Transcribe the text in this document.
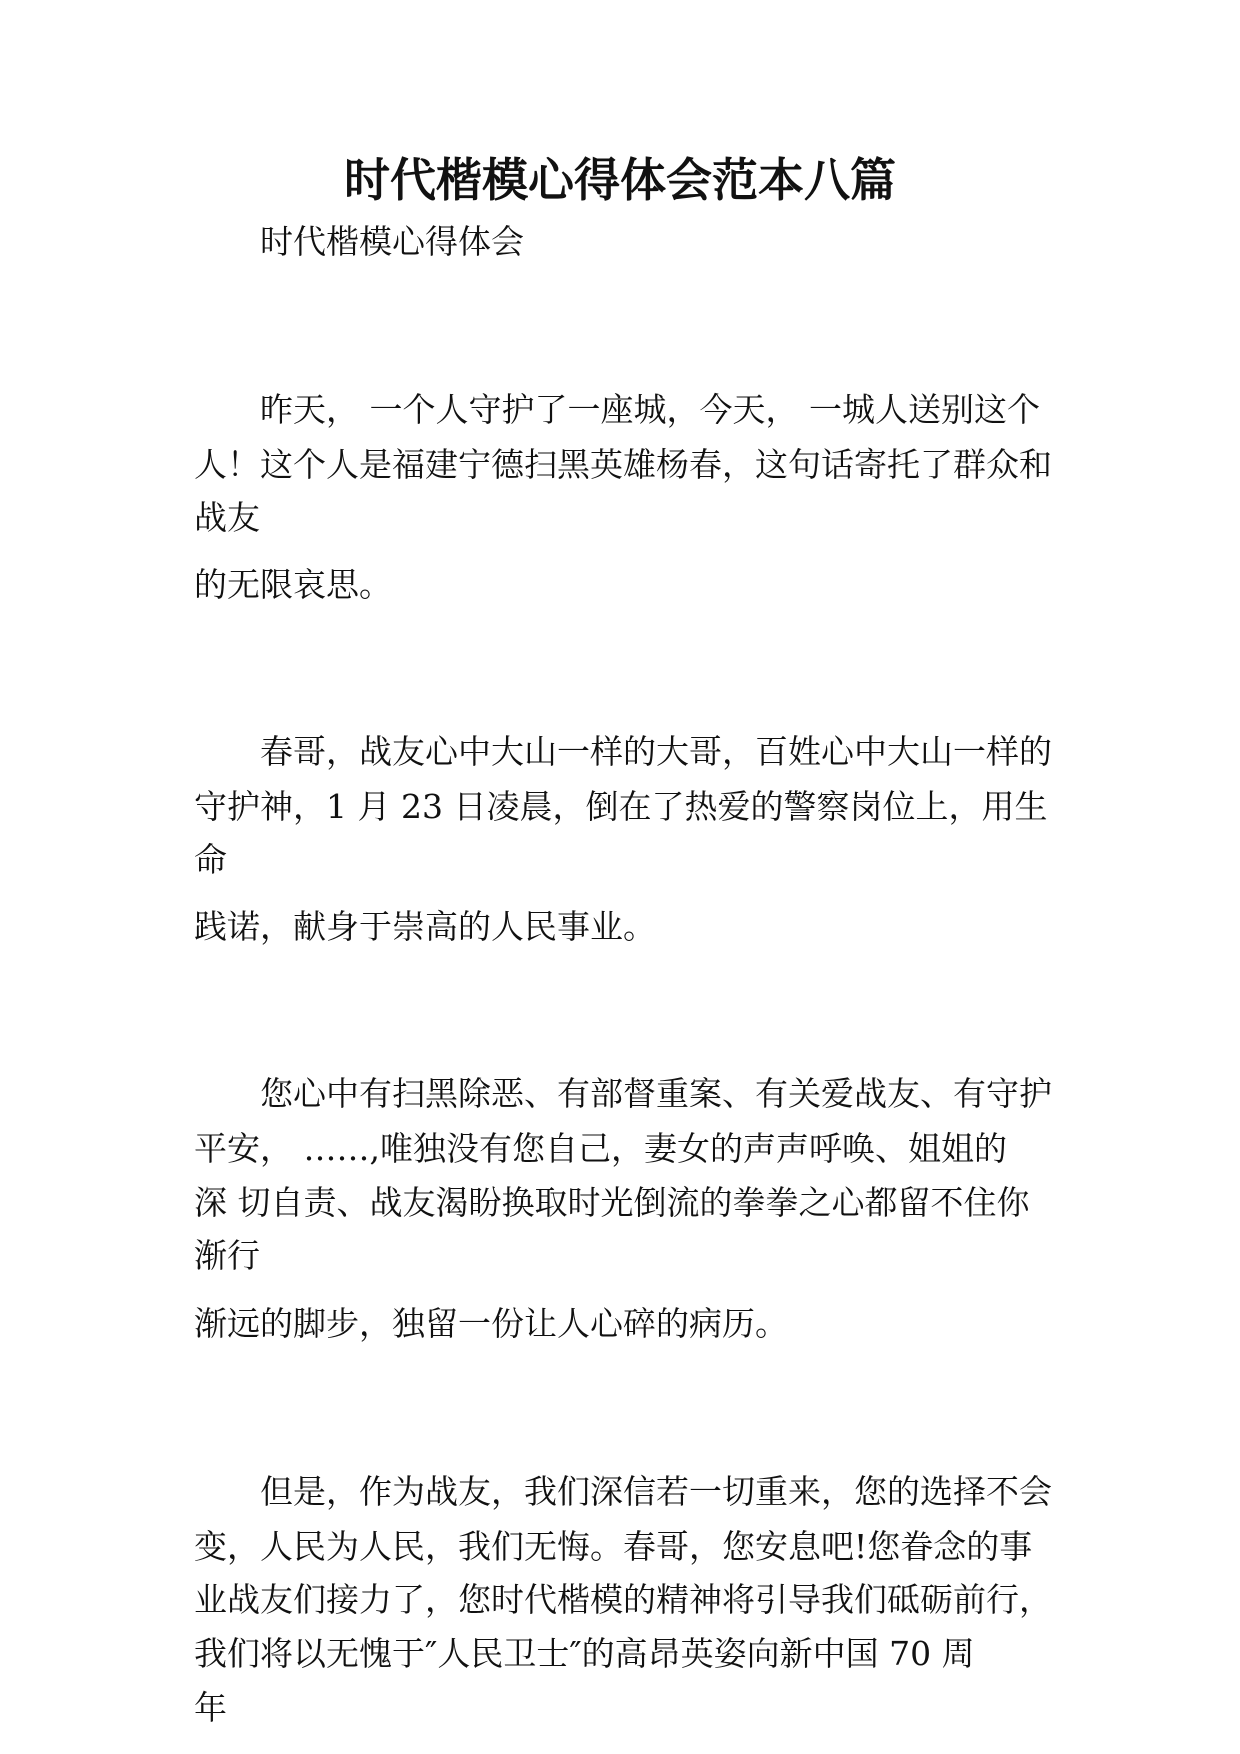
时代楷模心得体会范本八篇

时代楷模心得体会

昨天， 一个人守护了一座城，今天， 一城人送别这个

人！这个人是福建宁德扫黑英雄杨春，这句话寄托了群众和

战友

的无限哀思。

春哥，战友心中大山一样的大哥，百姓心中大山一样的

守护神，1 月 23 日凌晨，倒在了热爱的警察岗位上，用生

命

践诺，献身于崇高的人民事业。

您心中有扫黑除恶、有部督重案、有关爱战友、有守护

平安， ……,唯独没有您自己，妻女的声声呼唤、姐姐的

深 切自责、战友渴盼换取时光倒流的拳拳之心都留不住你

渐行

渐远的脚步，独留一份让人心碎的病历。

但是，作为战友，我们深信若一切重来，您的选择不会

变，人民为人民，我们无悔。春哥，您安息吧!您眷念的事

业战友们接力了，您时代楷模的精神将引导我们砥砺前行，

我们将以无愧于″人民卫士″的高昂英姿向新中国 70 周

年
